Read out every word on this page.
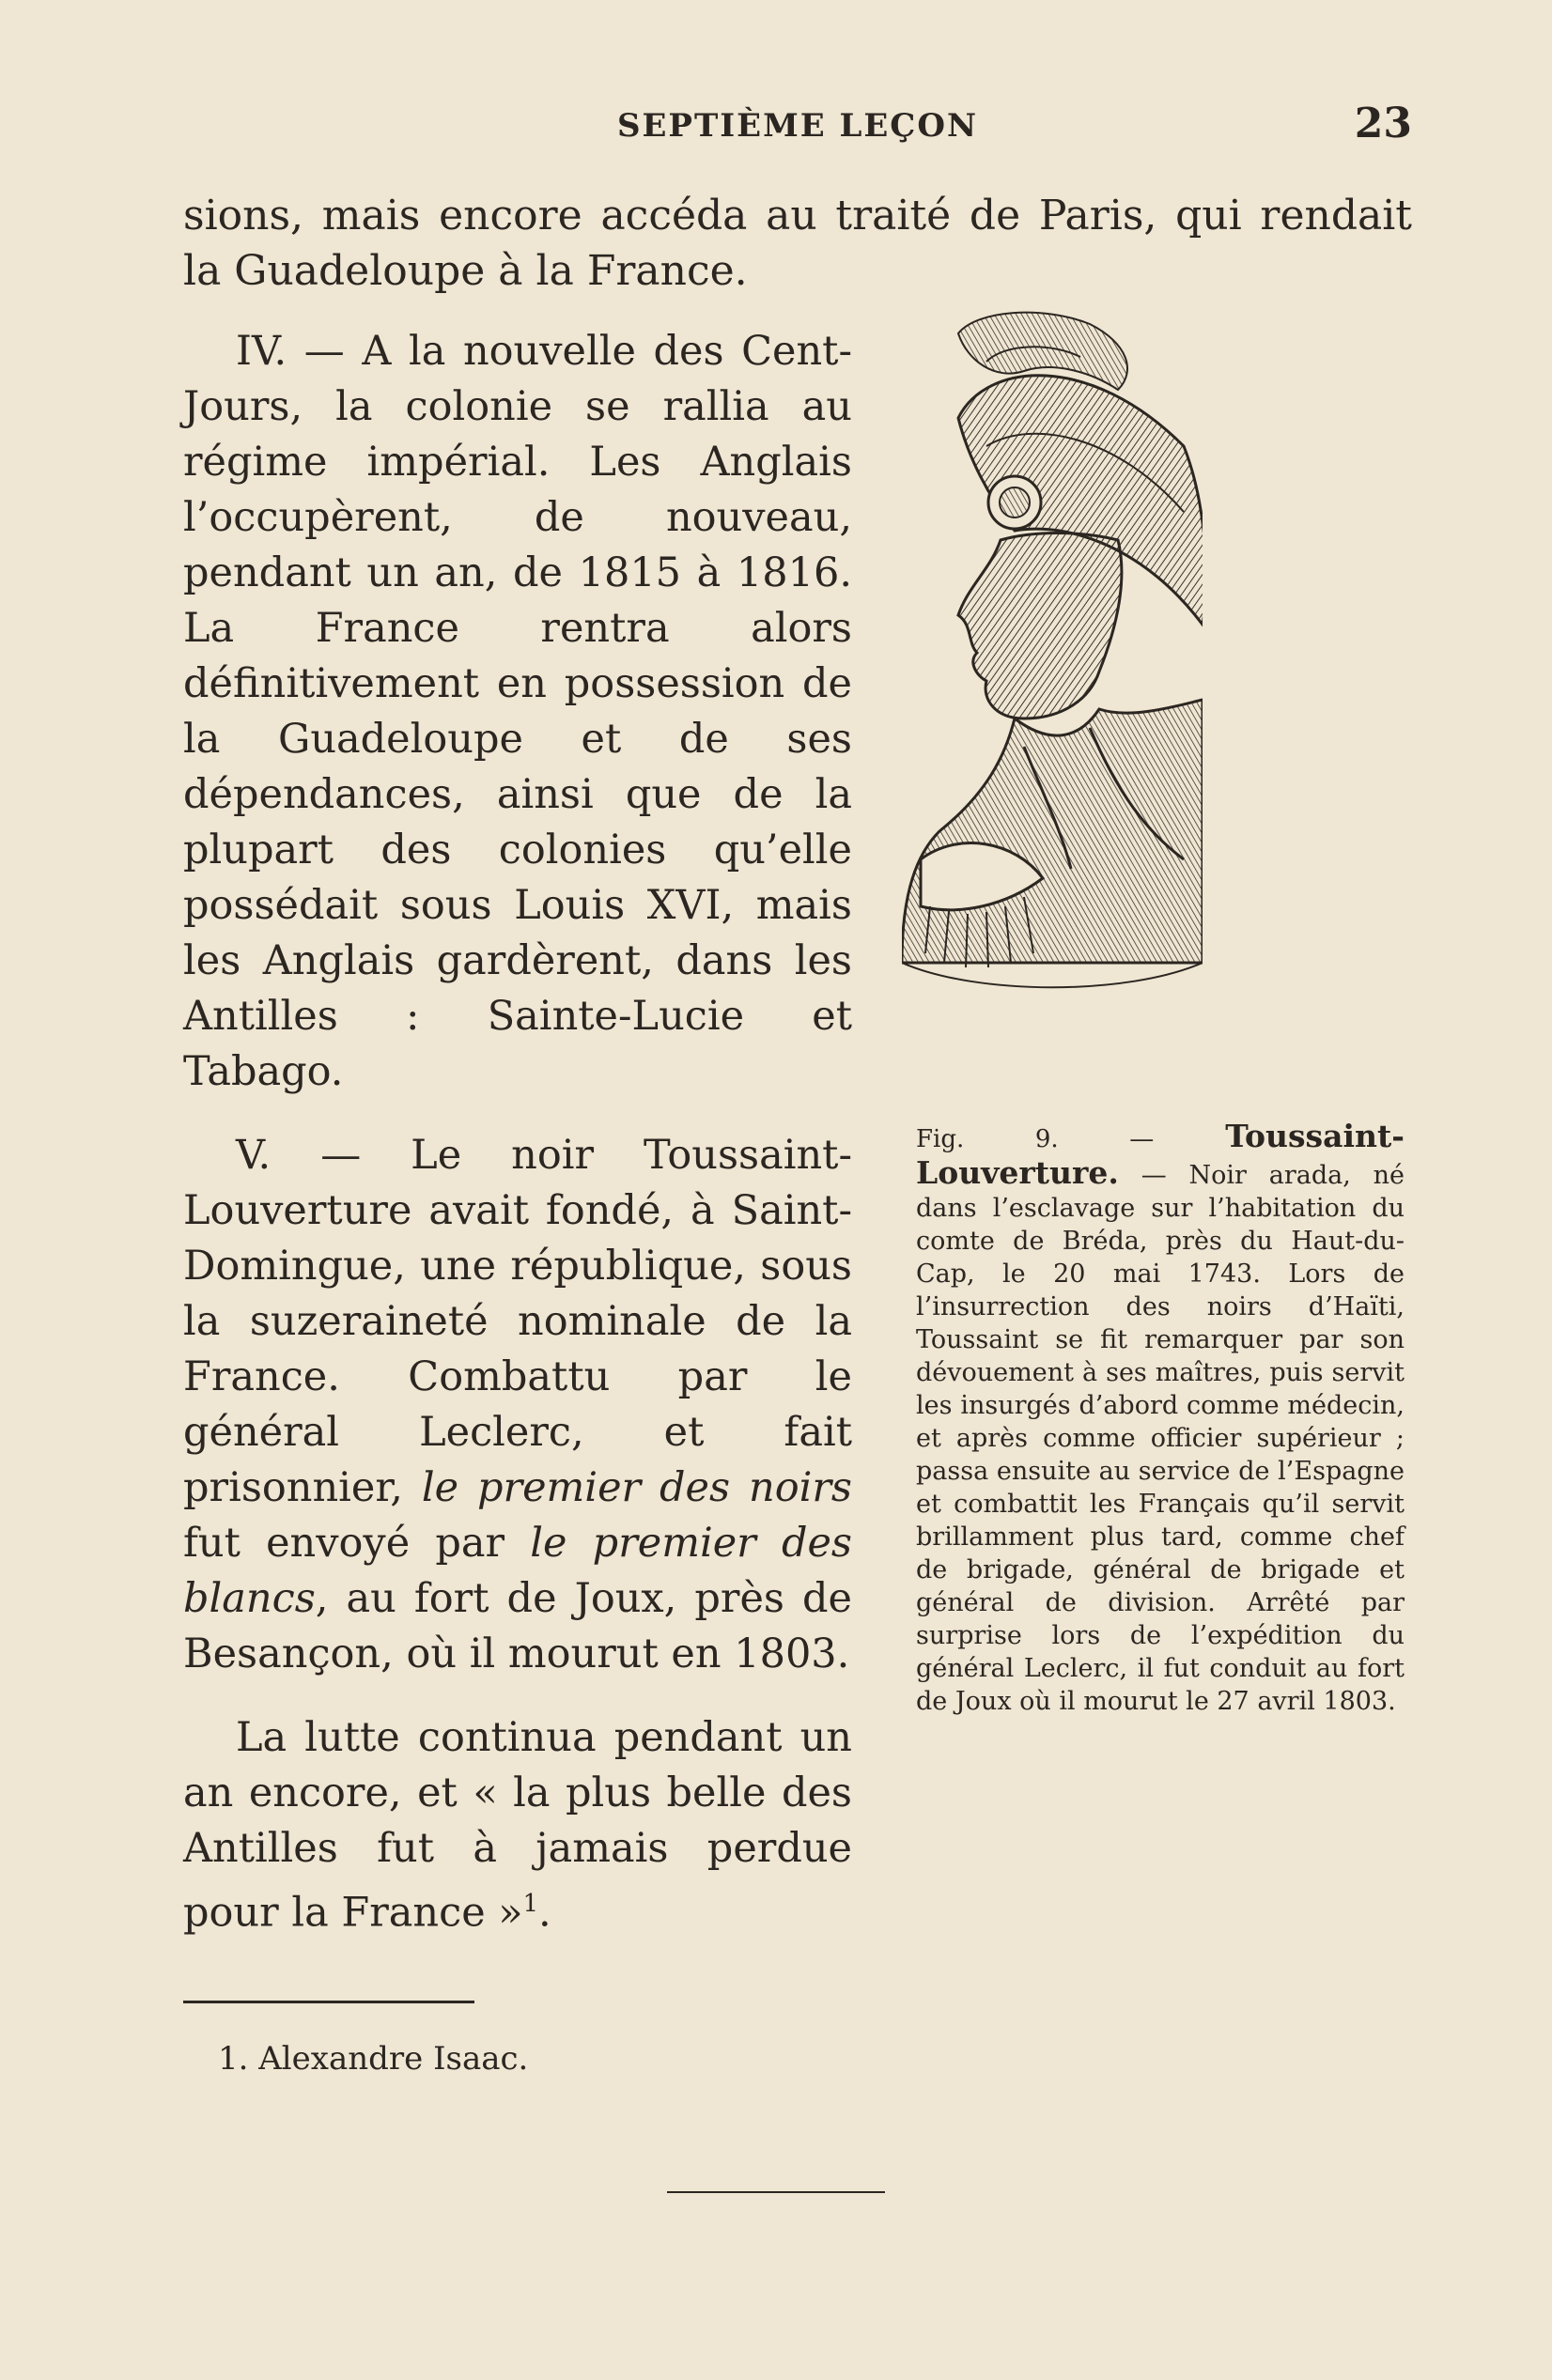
SEPTIÈME LEÇON	23
sions, mais encore accéda au traité de Paris, qui rendait la Guadeloupe à la France.

IV. — A la nouvelle des Cent-Jours, la colonie se rallia au régime impérial. Les Anglais l’occupèrent, de nouveau, pendant un an, de 1815 à 1816. La France rentra alors définitivement en possession de la Guadeloupe et de ses dépendances, ainsi que de la plupart des colonies qu’elle possédait sous Louis XVI, mais les Anglais gardèrent, dans les Antilles : Sainte-Lucie et Tabago.

V. — Le noir Toussaint-Louverture avait fondé, à Saint-Domingue, une république, sous la suzeraineté nominale de la France. Combattu par le général Leclerc, et fait prisonnier, le premier des noirs fut envoyé par le premier des blancs, au fort de Joux, près de Besançon, où il mourut en 1803.

La lutte continua pendant un an encore, et « la plus belle des Antilles fut à jamais perdue pour la France »$^1$.

Fig. 9. — Toussaint-Louverture. — Noir arada, né dans l’esclavage sur l’habitation du comte de Bréda, près du Haut-du-Cap, le 20 mai 1743. Lors de l’insurrection des noirs d’Haïti, Toussaint se fit remarquer par son dévouement à ses maîtres, puis servit les insurgés d’abord comme médecin, et après comme officier supérieur ; passa ensuite au service de l’Espagne et combattit les Français qu’il servit brillamment plus tard, comme chef de brigade, général de brigade et général de division. Arrêté par surprise lors de l’expédition du général Leclerc, il fut conduit au fort de Joux où il mourut le 27 avril 1803.
1. Alexandre Isaac.
